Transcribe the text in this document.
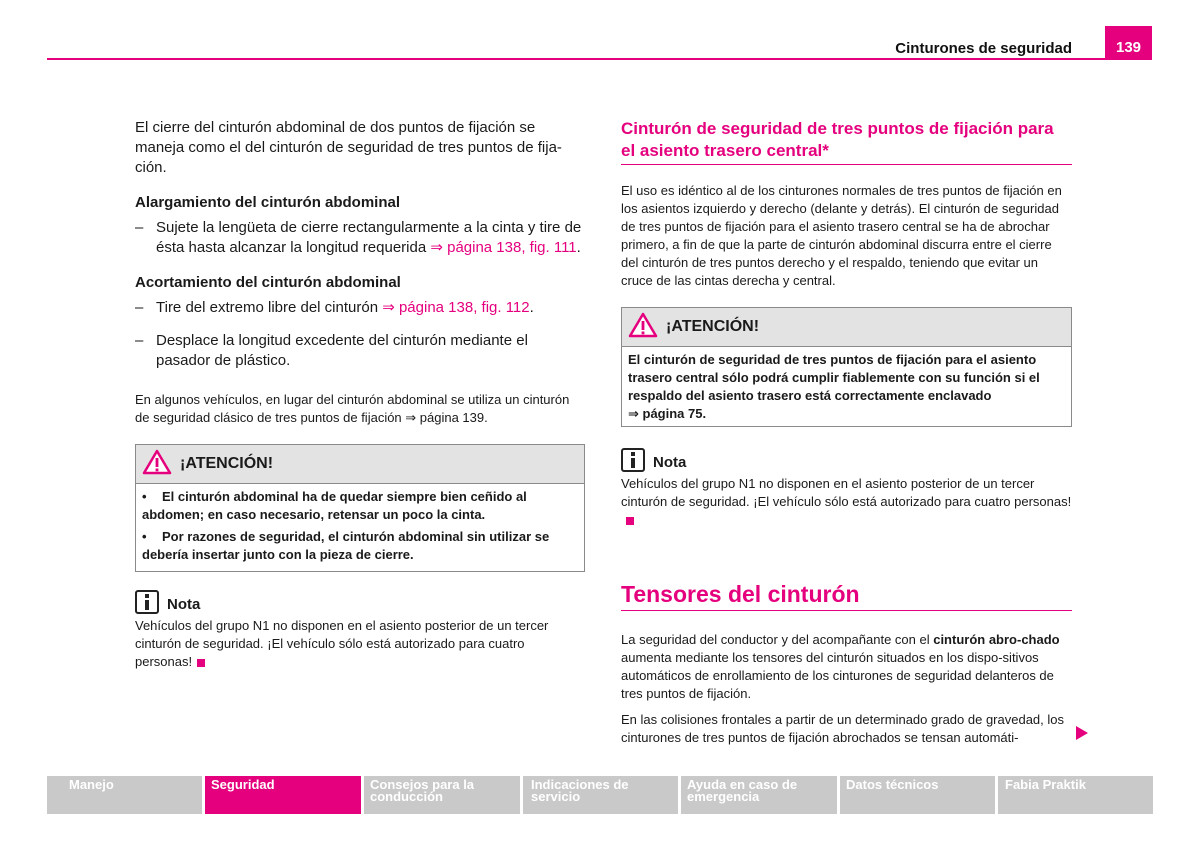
Cinturones de seguridad	139

El cierre del cinturón abdominal de dos puntos de fijación se maneja como el del cinturón de seguridad de tres puntos de fija-ción.

Alargamiento del cinturón abdominal

– Sujete la lengüeta de cierre rectangularmente a la cinta y tire de ésta hasta alcanzar la longitud requerida ⇒ página 138, fig. 111.

Acortamiento del cinturón abdominal

– Tire del extremo libre del cinturón ⇒ página 138, fig. 112.
– Desplace la longitud excedente del cinturón mediante el pasador de plástico.

En algunos vehículos, en lugar del cinturón abdominal se utiliza un cinturón de seguridad clásico de tres puntos de fijación ⇒ página 139.

¡ATENCIÓN!
• El cinturón abdominal ha de quedar siempre bien ceñido al abdomen; en caso necesario, retensar un poco la cinta.
• Por razones de seguridad, el cinturón abdominal sin utilizar se debería insertar junto con la pieza de cierre.
Nota

Vehículos del grupo N1 no disponen en el asiento posterior de un tercer cinturón de seguridad. ¡El vehículo sólo está autorizado para cuatro personas!

Cinturón de seguridad de tres puntos de fijación para el asiento trasero central*

El uso es idéntico al de los cinturones normales de tres puntos de fijación en los asientos izquierdo y derecho (delante y detrás). El cinturón de seguridad de tres puntos de fijación para el asiento trasero central se ha de abrochar primero, a fin de que la parte de cinturón abdominal discurra entre el cierre del cinturón de tres puntos derecho y el respaldo, teniendo que evitar un cruce de las cintas derecha y central.

¡ATENCIÓN!
El cinturón de seguridad de tres puntos de fijación para el asiento trasero central sólo podrá cumplir fiablemente con su función si el respaldo del asiento trasero está correctamente enclavado
⇒ página 75.
Nota

Vehículos del grupo N1 no disponen en el asiento posterior de un tercer cinturón de seguridad. ¡El vehículo sólo está autorizado para cuatro personas!

Tensores del cinturón

La seguridad del conductor y del acompañante con el cinturón abro-chado aumenta mediante los tensores del cinturón situados en los dispo-sitivos automáticos de enrollamiento de los cinturones de seguridad delanteros de tres puntos de fijación.

En las colisiones frontales a partir de un determinado grado de gravedad, los cinturones de tres puntos de fijación abrochados se tensan automáti-

Manejo	Seguridad	Consejos para la conducción
Indicaciones de servicio
Ayuda en caso de emergencia
Datos técnicos	Fabia Praktik
